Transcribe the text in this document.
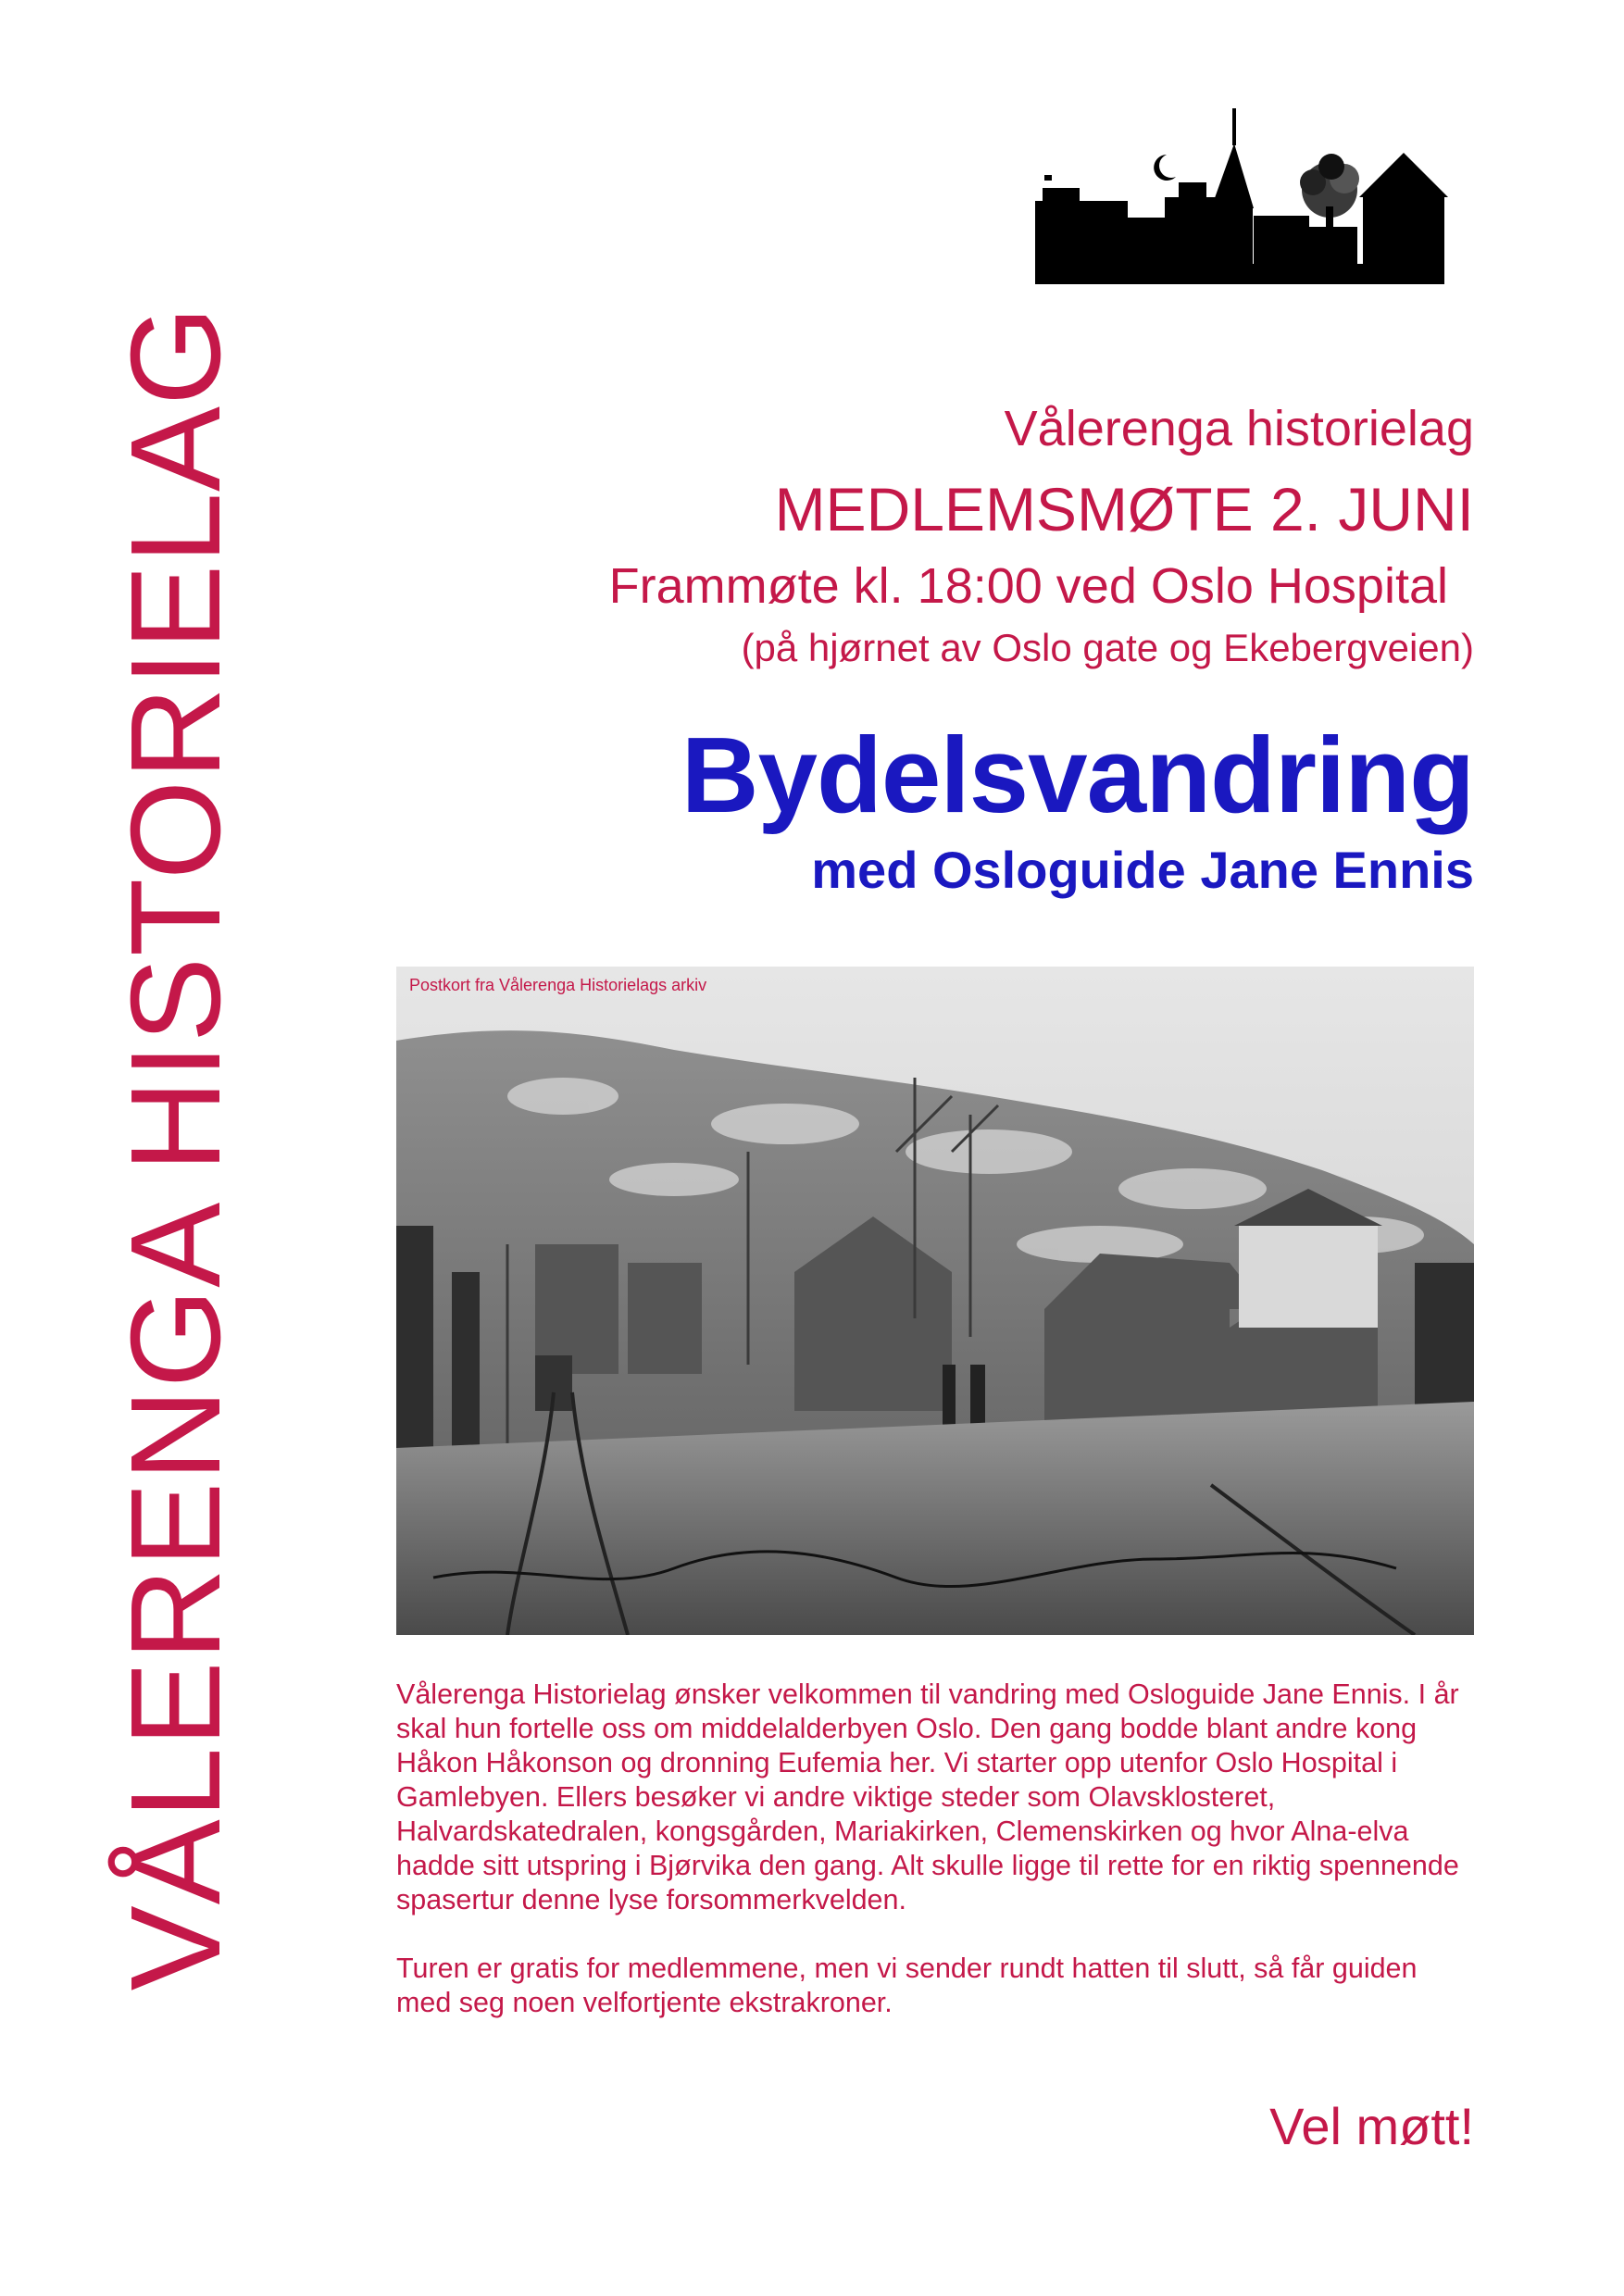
VÅLERENGA HISTORIELAG	Vålerenga historielag
MEDLEMSMØTE 2. JUNI
Frammøte kl. 18:00 ved Oslo Hospital
(på hjørnet av Oslo gate og Ekebergveien)
Bydelsvandring
med Osloguide Jane Ennis
Postkort fra Vålerenga Historielags arkiv

Vålerenga Historielag ønsker velkommen til vandring med Osloguide Jane Ennis. I år skal hun fortelle oss om middelalderbyen Oslo. Den gang bodde blant andre kong Håkon Håkonson og dronning Eufemia her. Vi starter opp utenfor Oslo Hospital i Gamlebyen. Ellers besøker vi andre viktige steder som Olavsklosteret, Halvardskatedralen, kongsgården, Mariakirken, Clemenskirken og hvor Alna-elva hadde sitt utspring i Bjørvika den gang. Alt skulle ligge til rette for en riktig spennende spasertur denne lyse forsommerkvelden.

Turen er gratis for medlemmene, men vi sender rundt hatten til slutt, så får guiden med seg noen velfortjente ekstrakroner.

Vel møtt!
